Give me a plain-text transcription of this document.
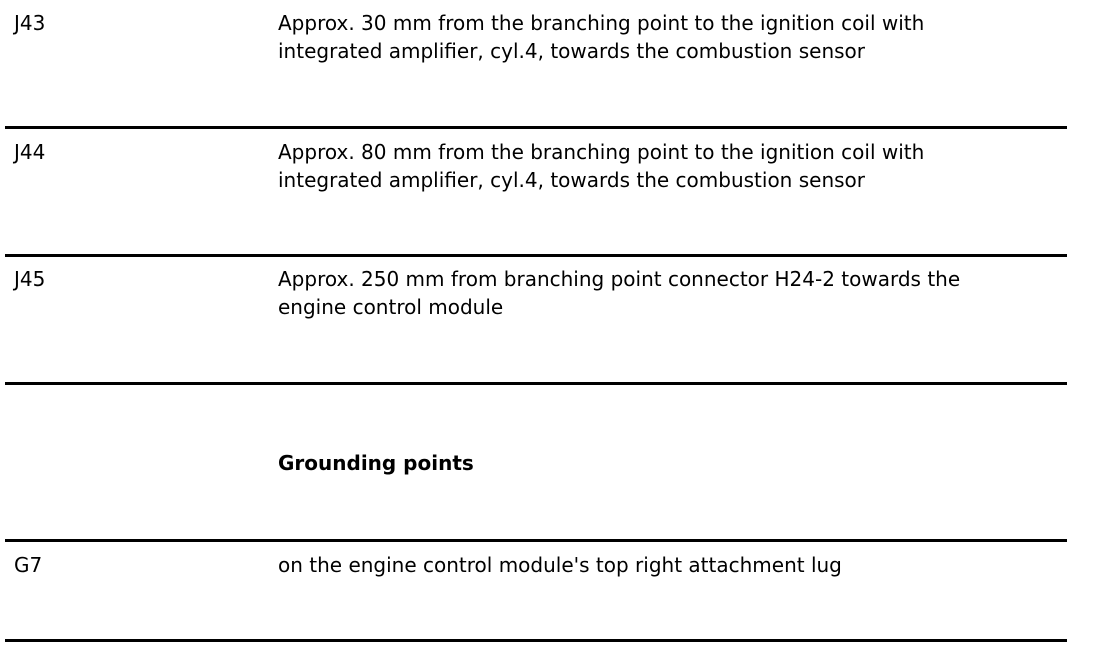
J43	Approx. 30 mm from the branching point to the ignition coil with
integrated amplifier, cyl.4, towards the combustion sensor
J44	Approx. 80 mm from the branching point to the ignition coil with
integrated amplifier, cyl.4, towards the combustion sensor
J45	Approx. 250 mm from branching point connector H24-2 towards the
engine control module
Grounding points
G7	on the engine control module's top right attachment lug
